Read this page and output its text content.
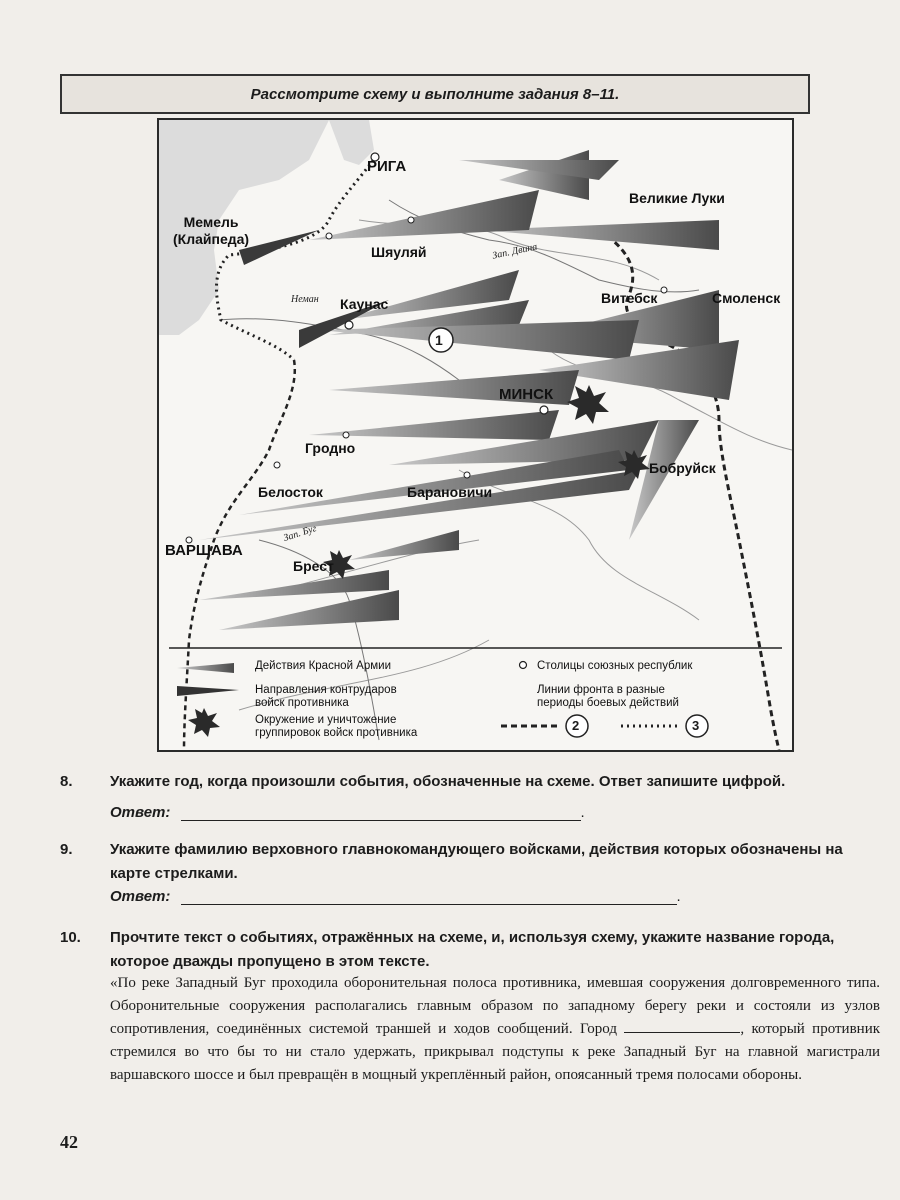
Рассмотрите схему и выполните задания 8–11.
РИГА
Мемель
(Клайпеда)
Великие Луки
Шяуляй
Каунас	Витебск	Смоленск
МИНСК
Гродно
Бобруйск
Белосток	Барановичи
ВАРШАВА
Брест
Зап. Двина
Неман
Зап. Буг
1
Действия Красной Армии
Направления контрударов
войск противника
Окружение и уничтожение
группировок войск противника
Столицы союзных республик
Линии фронта в разные
периоды боевых действий
2	3
8. Укажите год, когда произошли события, обозначенные на схеме. Ответ запишите цифрой.
Ответ:	.
9. Укажите фамилию верховного главнокомандующего войсками, действия которых обозначены на карте стрелками.
Ответ:	.
10. Прочтите текст о событиях, отражённых на схеме, и, используя схему, укажите название города, которое дважды пропущено в этом тексте.
«По реке Западный Буг проходила оборонительная полоса противника, имевшая сооружения долговременного типа. Оборонительные сооружения располагались главным образом по западному берегу реки и состояли из узлов сопротивления, соединённых системой траншей и ходов сообщений. Город	, который противник стремился во что бы то ни стало удержать, прикрывал подступы к реке Западный Буг на главной магистрали варшавского шоссе и был превращён в мощный укреплённый район, опоясанный тремя полосами обороны.
42
